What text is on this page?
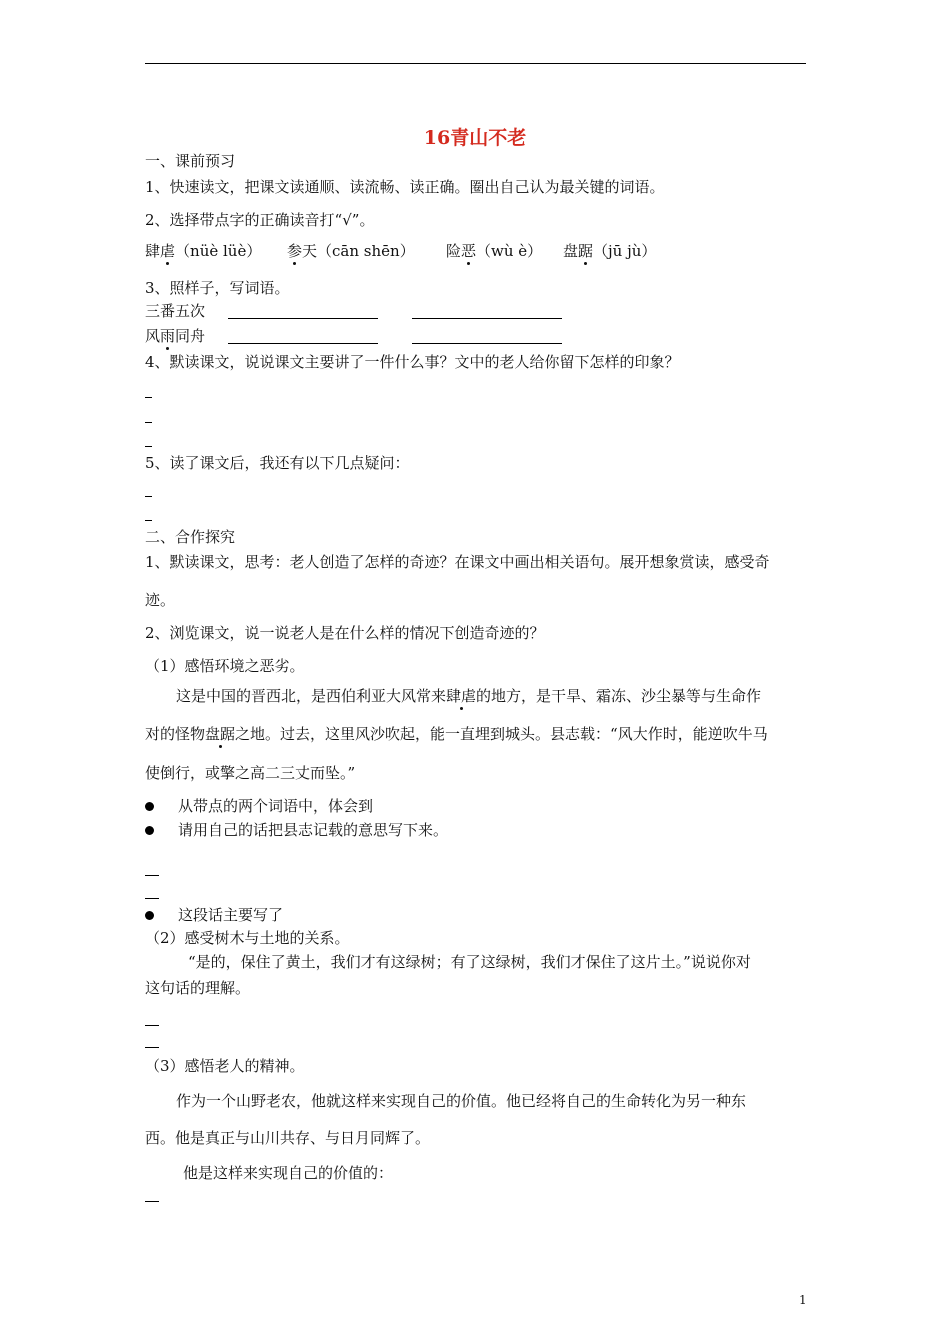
16青山不老
一、课前预习
1、快速读文，把课文读通顺、读流畅、读正确。圈出自己认为最关键的词语。
2、选择带点字的正确读音打“√”。
肆虐（nüè lüè） 参天（cān shēn） 险恶（wù è） 盘踞（jū jù）
3、照样子，写词语。
三番五次
风雨同舟
4、默读课文，说说课文主要讲了一件什么事？文中的老人给你留下怎样的印象？
5、读了课文后，我还有以下几点疑问：
二、合作探究
1、默读课文，思考：老人创造了怎样的奇迹？在课文中画出相关语句。展开想象赏读，感受奇
迹。
2、浏览课文，说一说老人是在什么样的情况下创造奇迹的？
（1）感悟环境之恶劣。
这是中国的晋西北，是西伯利亚大风常来肆虐的地方，是干旱、霜冻、沙尘暴等与生命作
对的怪物盘踞之地。过去，这里风沙吹起，能一直埋到城头。县志载：“风大作时，能逆吹牛马
使倒行，或擎之高二三丈而坠。”
从带点的两个词语中，体会到
请用自己的话把县志记载的意思写下来。
这段话主要写了
（2）感受树木与土地的关系。
“是的，保住了黄土，我们才有这绿树；有了这绿树，我们才保住了这片土。”说说你对
这句话的理解。
（3）感悟老人的精神。
作为一个山野老农，他就这样来实现自己的价值。他已经将自己的生命转化为另一种东
西。他是真正与山川共存、与日月同辉了。
他是这样来实现自己的价值的：
1
